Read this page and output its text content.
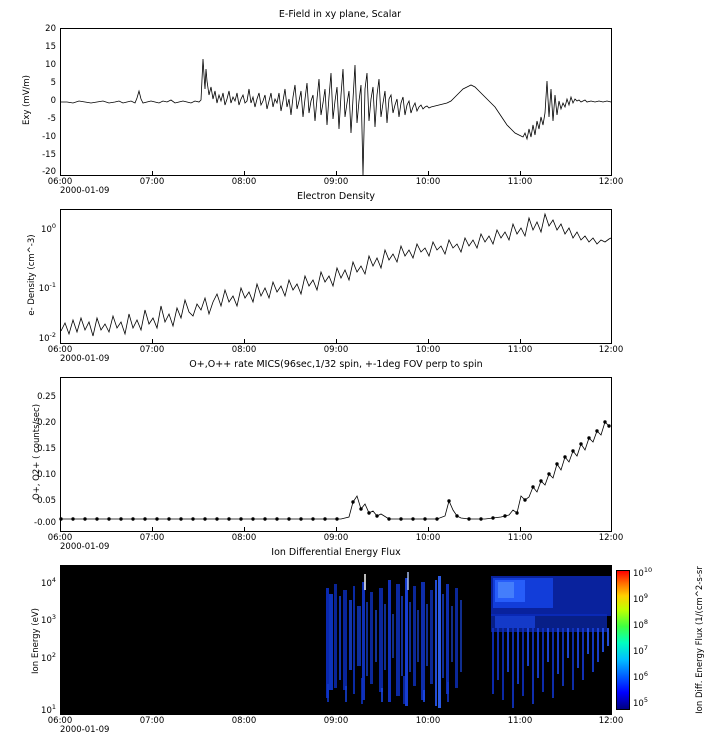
E-Field in xy plane, Scalar
Exy (mV/m)
20
15
10
5
0
-5
-10
-15
-20
06:00	07:00	08:00	09:00	10:00	11:00	12:00
2000-01-09	Electron Density
e- Density (cm^-3)
$10^0$
$10^{-1}$
$10^{-2}$
06:00	07:00	08:00	09:00	10:00	11:00	12:00
2000-01-09	O+,O++ rate MICS(96sec,1/32 spin, +-1deg FOV perp to spin
O+, O2+ ( counts/sec)
0.25
0.20
0.15
0.10
0.05
-0.00
06:00	07:00	08:00	09:00	10:00	11:00	12:00
2000-01-09	Ion Differential Energy Flux
Ion Energy (eV)
$10^4$
$10^3$
$10^2$
$10^1$
06:00	07:00	08:00	09:00	10:00	11:00	12:00
2000-01-09
$10^{10}$
$10^9$
$10^8$
$10^7$
$10^6$
$10^5$	Ion Diff. Energy Flux (1/(cm^2-s-sr
